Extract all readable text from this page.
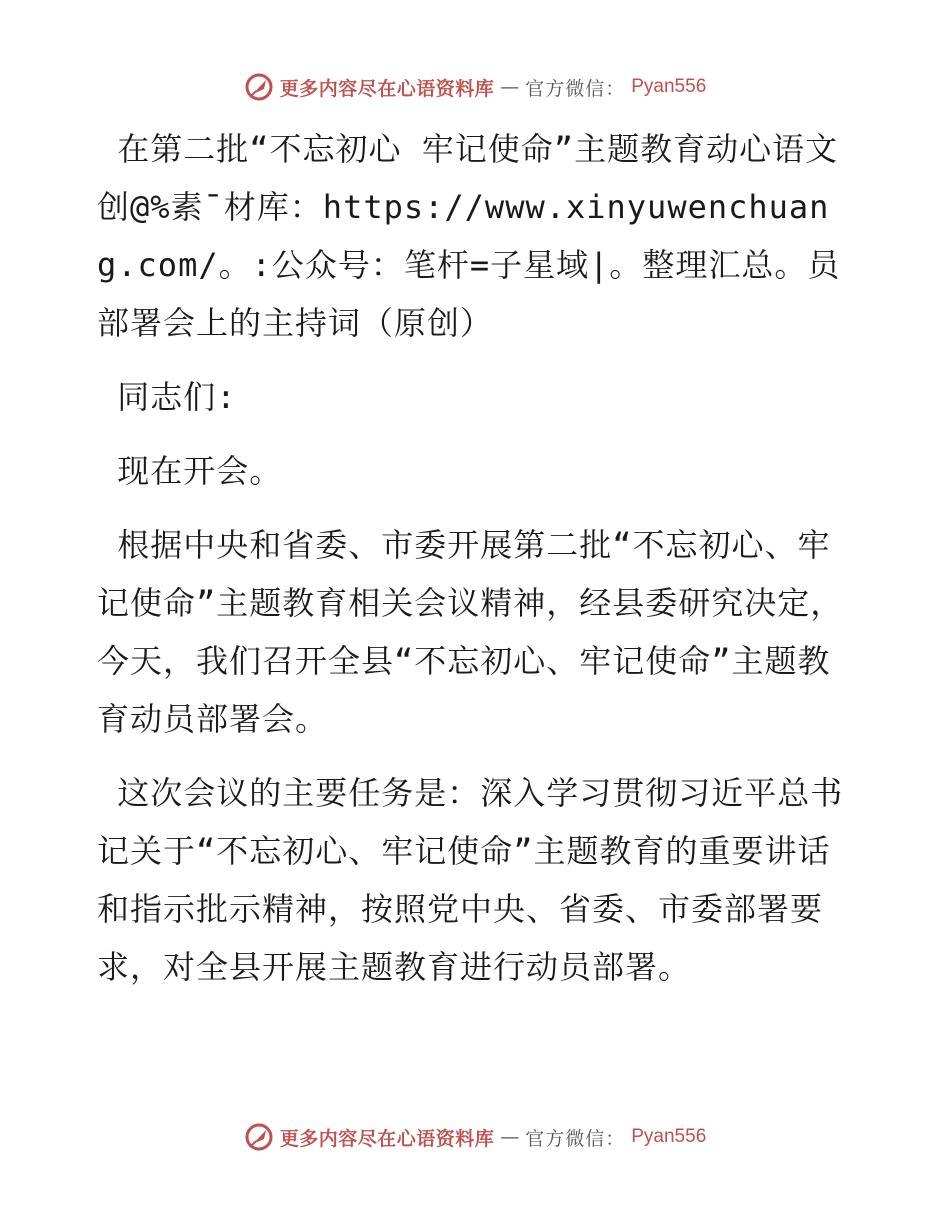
更多内容尽在心语资料库 — 官方微信： Pyan556

在第二批“不忘初心 牢记使命”主题教育动心语文创@%素¯材库：https://www.xinyuwenchuang.com/。:公众号：笔杆=子星域|。整理汇总。员部署会上的主持词（原创）

同志们:

现在开会。

根据中央和省委、市委开展第二批“不忘初心、牢记使命”主题教育相关会议精神，经县委研究决定，今天，我们召开全县“不忘初心、牢记使命”主题教育动员部署会。

这次会议的主要任务是：深入学习贯彻习近平总书记关于“不忘初心、牢记使命”主题教育的重要讲话和指示批示精神，按照党中央、省委、市委部署要求，对全县开展主题教育进行动员部署。

更多内容尽在心语资料库 — 官方微信： Pyan556
